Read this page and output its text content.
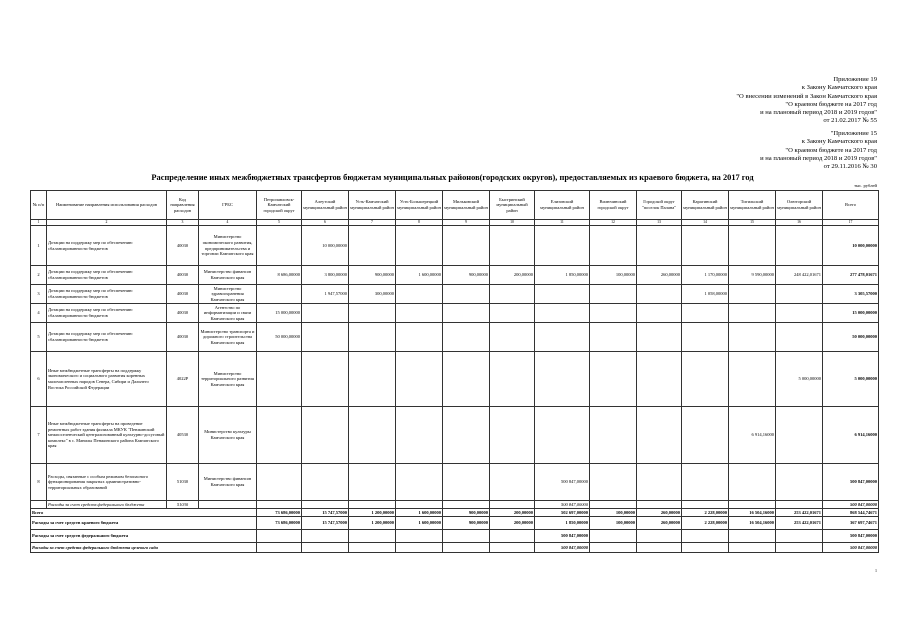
Приложение 19
к Закону Камчатского края
"О внесении изменений в Закон Камчатского края
"О краевом бюджете на 2017 год
и на плановый период 2018 и 2019 годов"
от 21.02.2017 № 55
"Приложение 15
к Закону Камчатского края
"О краевом бюджете на 2017 год
и на плановый период 2018 и 2019 годов"
от 29.11.2016 № 30
Распределение иных межбюджетных трансфертов бюджетам муниципальных районов(городских округов), предоставляемых из краевого бюджета, на 2017 год
тыс. рублей
№ п/п	Наименование направления использования расходов	Код направления расходов	ГРБС	Петропавловск-Камчатский городской округ	Алеутский муниципальный район	Усть-Камчатский муниципальный район	Усть-Большерецкий муниципальный район	Мильковский муниципальный район	Быстринский муниципальный район	Елизовский муниципальный район	Вилючинский городской округ	Городской округ "поселок Палана"	Карагинский муниципальный район	Тигильский муниципальный район	Олюторский муниципальный район	Всего
1	2	3	4	5	6	7	8	9	10	11	12	13	14	15	16	17
1	Дотации на поддержку мер по обеспечению сбалансированности бюджетов	40030	Министерство экономического развития, предпринимательства и торговли Камчатского края		10 000,00000											10 000,00000
2	Дотации на поддержку мер по обеспечению сбалансированности бюджетов	40030	Министерство финансов Камчатского края	8 686,00000	3 800,00000	900,00000	1 600,00000	900,00000	200,00000	1 850,00000	100,00000	260,00000	1 170,00000	9 590,00000	248 422,01671	277 478,01671
3	Дотации на поддержку мер по обеспечению сбалансированности бюджетов	40030	Министерство здравоохранения Камчатского края		1 947,57000	300,00000							1 058,00000			3 305,57000
4	Дотации на поддержку мер по обеспечению сбалансированности бюджетов	40030	Агентство по информатизации и связи Камчатского края	15 000,00000												15 000,00000
5	Дотации на поддержку мер по обеспечению сбалансированности бюджетов	40030	Министерство транспорта и дорожного строительства Камчатского края	50 000,00000												50 000,00000
6	Иные межбюджетные трансферты на поддержку экономического и социального развития коренных малочисленных народов Севера, Сибири и Дальнего Востока Российской Федерации	4022Р	Министерство территориального развития Камчатского края												5 000,00000	5 000,00000
7	Иные межбюджетные трансферты на проведение ремонтных работ здания филиала МКУК "Пенжинский межпоселенческий централизованный культурно-досуговый комплекс" в с. Манилы Пенжинского района Камчатского края	40530	Министерство культуры Камчатского края											6 914,16000		6 914,16000
8	Расходы, связанные с особым режимом безопасного функционирования закрытых административно-территориальных образований	51030	Министерство финансов Камчатского края							500 847,00000						500 847,00000
	Расходы за счет средств федерального бюджета	51030								500 847,00000						500 847,00000
Всего				73 686,00000	15 747,57000	1 200,00000	1 600,00000	900,00000	200,00000	502 697,00000	100,00000	260,00000	2 228,00000	16 504,16000	253 422,01671	868 544,74671
Расходы за счет средств краевого бюджета				73 686,00000	15 747,57000	1 200,00000	1 600,00000	900,00000	200,00000	1 850,00000	100,00000	260,00000	2 228,00000	16 504,16000	253 422,01671	367 697,74671
Расходы за счет средств федерального бюджета										500 847,00000						500 847,00000
Расходы за счет средств федерального бюджета целевого сада										500 847,00000						500 847,00000
1
